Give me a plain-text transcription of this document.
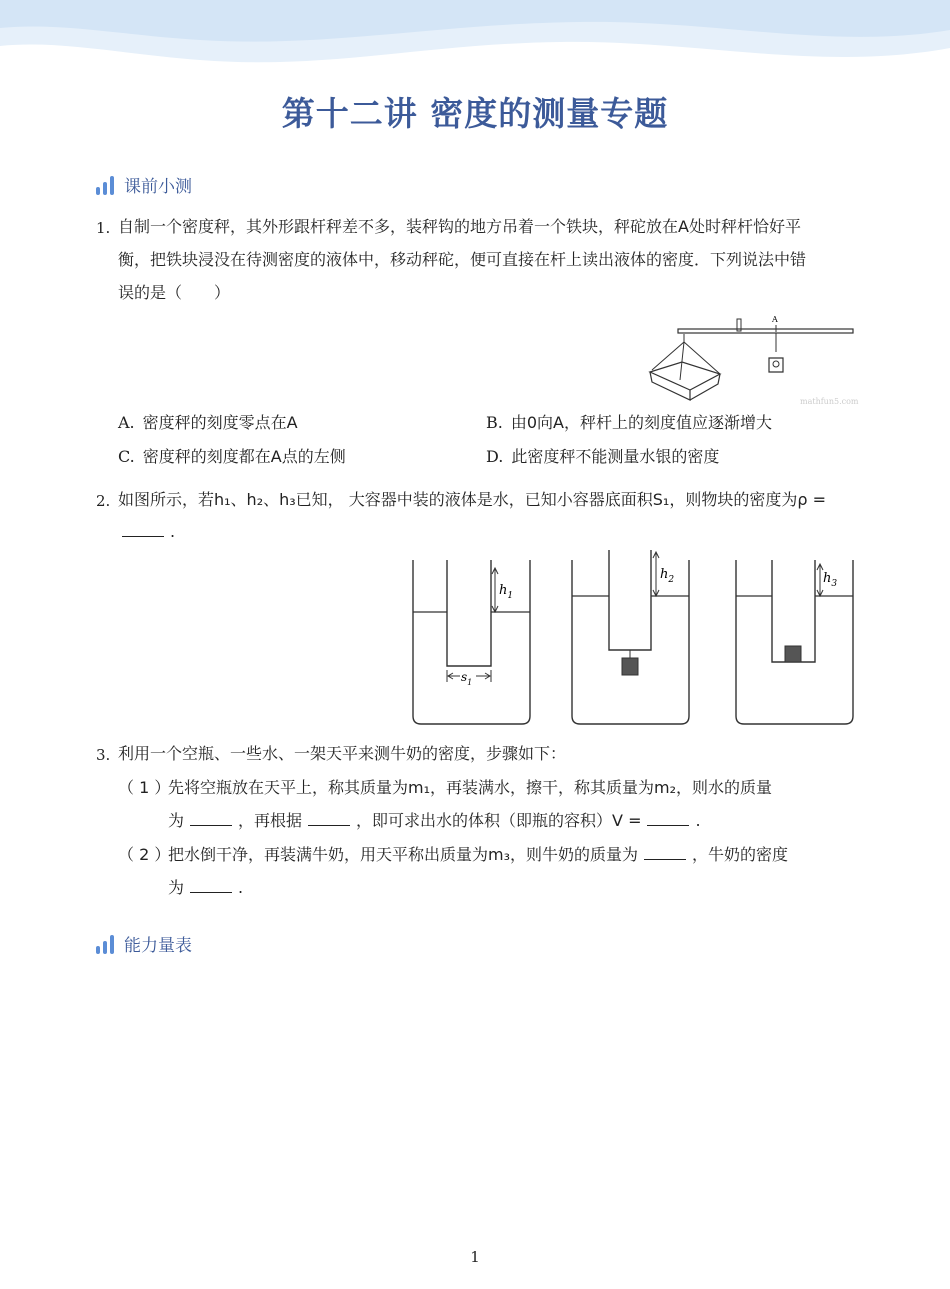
第十二讲 密度的测量专题
课前小测
1. 自制一个密度秤，其外形跟杆秤差不多，装秤钩的地方吊着一个铁块，秤砣放在A处时秤杆恰好平
衡，把铁块浸没在待测密度的液体中，移动秤砣，便可直接在杆上读出液体的密度．下列说法中错
误的是（　　）
A
mathfun5.com
A. 密度秤的刻度零点在A	B. 由0向A，秤杆上的刻度值应逐渐增大
C. 密度秤的刻度都在A点的左侧	D. 此密度秤不能测量水银的密度
2. 如图所示，若h₁、h₂、h₃已知， 大容器中装的液体是水，已知小容器底面积S₁，则物块的密度为ρ =
.
$h_1$
$s_1$
$h_2$	$h_3$
3. 利用一个空瓶、一些水、一架天平来测牛奶的密度，步骤如下：
（ 1 ）
先将空瓶放在天平上，称其质量为m₁，再装满水，擦干，称其质量为m₂，则水的质量
为	，再根据	，即可求出水的体积（即瓶的容积）V =	.
（ 2 ）
把水倒干净，再装满牛奶，用天平称出质量为m₃，则牛奶的质量为	，牛奶的密度
为	.
能力量表
1
